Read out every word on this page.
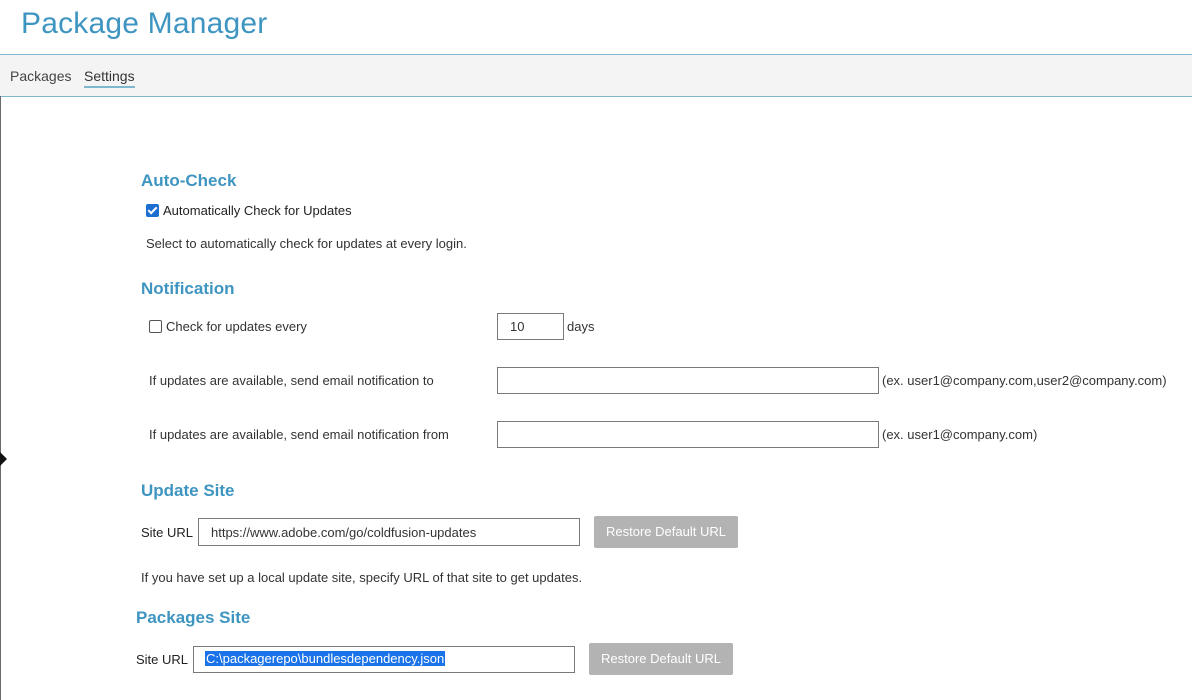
Package Manager
Packages Settings
Auto-Check
Automatically Check for Updates
Select to automatically check for updates at every login.
Notification
Check for updates every
10	days
If updates are available, send email notification to	(ex. user1@company.com,user2@company.com)
If updates are available, send email notification from	(ex. user1@company.com)
Update Site
Site URL
https://www.adobe.com/go/coldfusion-updates	Restore Default URL
If you have set up a local update site, specify URL of that site to get updates.
Packages Site
Site URL	C:\packagerepo\bundlesdependency.json	Restore Default URL
